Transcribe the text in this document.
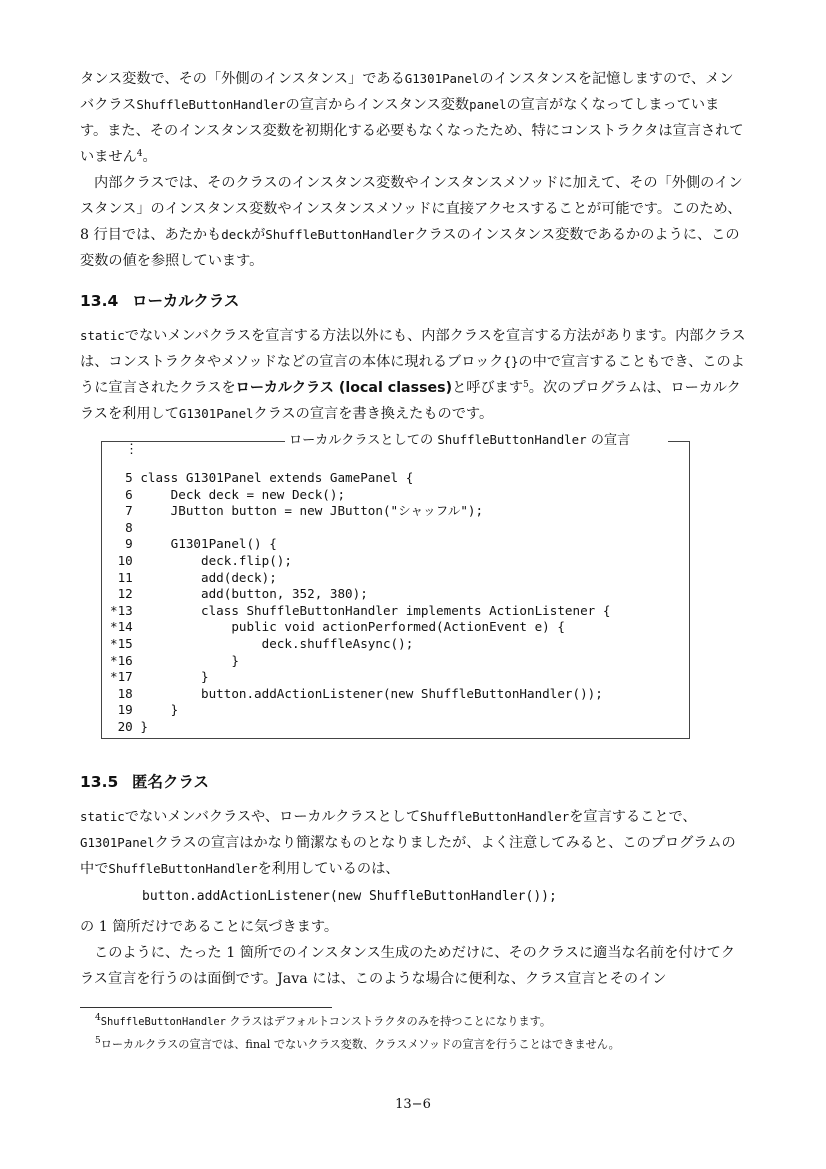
タンス変数で、その「外側のインスタンス」であるG1301Panelのインスタンスを記憶しますので、メンバクラスShuffleButtonHandlerの宣言からインスタンス変数panelの宣言がなくなってしまっています。また、そのインスタンス変数を初期化する必要もなくなったため、特にコンストラクタは宣言されていません$^4$。

内部クラスでは、そのクラスのインスタンス変数やインスタンスメソッドに加えて、その「外側のインスタンス」のインスタンス変数やインスタンスメソッドに直接アクセスすることが可能です。このため、8 行目では、あたかもdeckがShuffleButtonHandlerクラスのインスタンス変数であるかのように、この変数の値を参照しています。

13.4 ローカルクラス

staticでないメンバクラスを宣言する方法以外にも、内部クラスを宣言する方法があります。内部クラスは、コンストラクタやメソッドなどの宣言の本体に現れるブロック{}の中で宣言することもでき、このように宣言されたクラスをローカルクラス (local classes)と呼びます$^5$。次のプログラムは、ローカルクラスを利用してG1301Panelクラスの宣言を書き換えたものです。

ローカルクラスとしての ShuffleButtonHandler の宣言
⋮
5 class G1301Panel extends GamePanel {
6     Deck deck = new Deck();
7     JButton button = new JButton("シャッフル");
8
9     G1301Panel() {
10         deck.flip();
11         add(deck);
12         add(button, 352, 380);
*13         class ShuffleButtonHandler implements ActionListener {
*14             public void actionPerformed(ActionEvent e) {
*15                 deck.shuffleAsync();
*16             }
*17         }
18         button.addActionListener(new ShuffleButtonHandler());
19     }
20 }
13.5 匿名クラス

staticでないメンバクラスや、ローカルクラスとしてShuffleButtonHandlerを宣言することで、G1301Panelクラスの宣言はかなり簡潔なものとなりましたが、よく注意してみると、このプログラムの中でShuffleButtonHandlerを利用しているのは、

button.addActionListener(new ShuffleButtonHandler());

の 1 箇所だけであることに気づきます。

このように、たった 1 箇所でのインスタンス生成のためだけに、そのクラスに適当な名前を付けてクラス宣言を行うのは面倒です。Java には、このような場合に便利な、クラス宣言とそのイン

$^4$ShuffleButtonHandler クラスはデフォルトコンストラクタのみを持つことになります。
$^5$ローカルクラスの宣言では、final でないクラス変数、クラスメソッドの宣言を行うことはできません。
13−6
